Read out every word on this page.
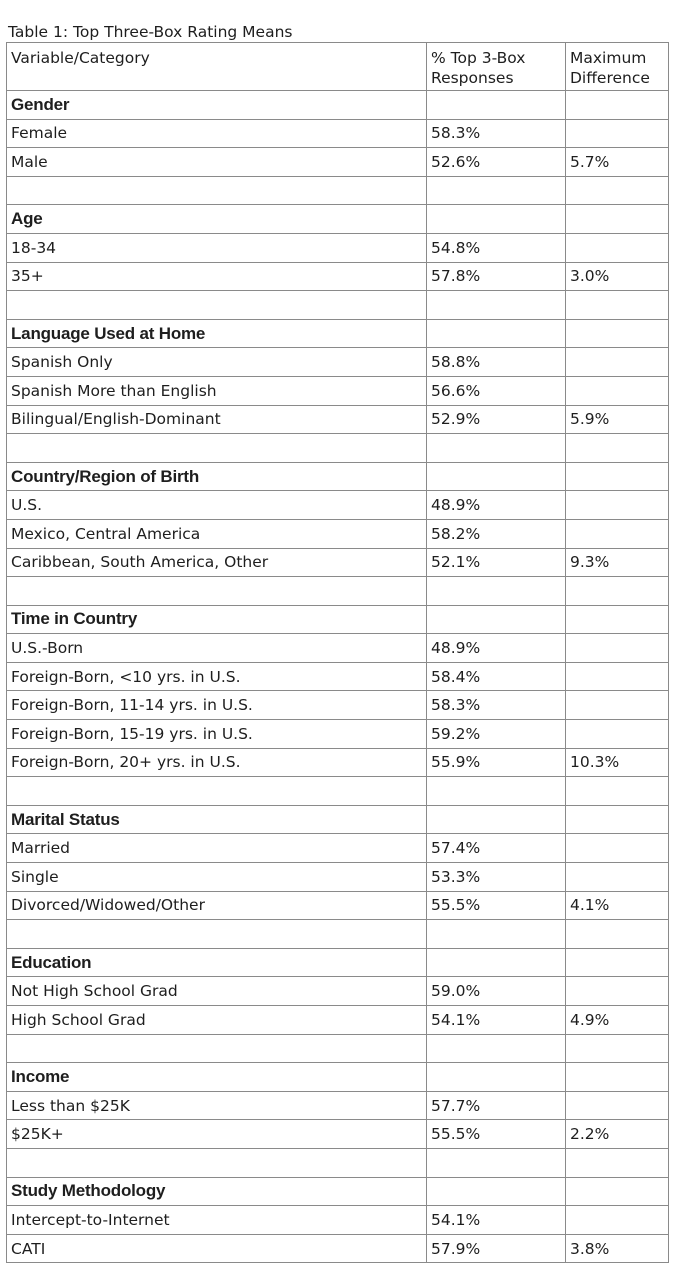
Table 1: Top Three-Box Rating Means
Variable/Category	% Top 3-Box Responses	Maximum Difference
Gender		
Female	58.3%	
Male	52.6%	5.7%

Age		
18-34	54.8%	
35+	57.8%	3.0%

Language Used at Home		
Spanish Only	58.8%	
Spanish More than English	56.6%	
Bilingual/English-Dominant	52.9%	5.9%

Country/Region of Birth		
U.S.	48.9%	
Mexico, Central America	58.2%	
Caribbean, South America, Other	52.1%	9.3%

Time in Country		
U.S.-Born	48.9%	
Foreign-Born, <10 yrs. in U.S.	58.4%	
Foreign-Born, 11-14 yrs. in U.S.	58.3%	
Foreign-Born, 15-19 yrs. in U.S.	59.2%	
Foreign-Born, 20+ yrs. in U.S.	55.9%	10.3%

Marital Status		
Married	57.4%	
Single	53.3%	
Divorced/Widowed/Other	55.5%	4.1%

Education		
Not High School Grad	59.0%	
High School Grad	54.1%	4.9%

Income		
Less than $25K	57.7%	
$25K+	55.5%	2.2%

Study Methodology		
Intercept-to-Internet	54.1%	
CATI	57.9%	3.8%
